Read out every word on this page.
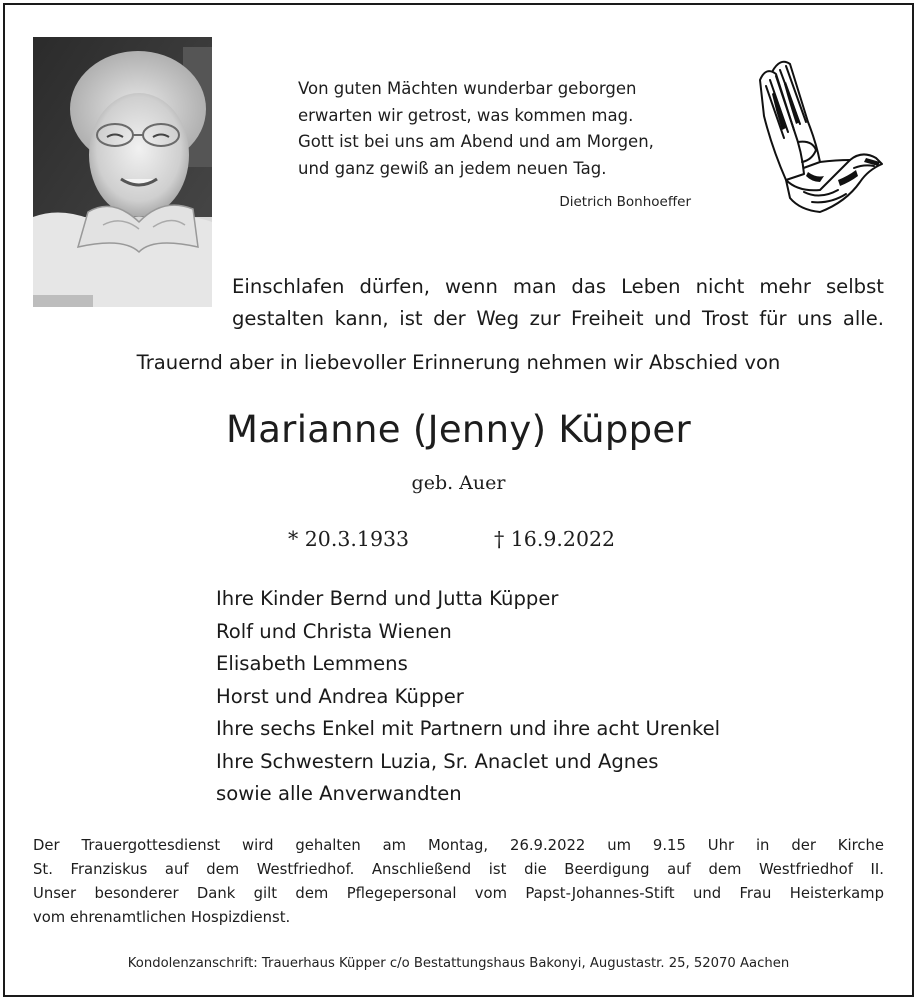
Von guten Mächten wunderbar geborgen
erwarten wir getrost, was kommen mag.
Gott ist bei uns am Abend und am Morgen,
und ganz gewiß an jedem neuen Tag.
Dietrich Bonhoeffer
Einschlafen dürfen, wenn man das Leben nicht mehr selbst
gestalten kann, ist der Weg zur Freiheit und Trost für uns alle.
Trauernd aber in liebevoller Erinnerung nehmen wir Abschied von
Marianne (Jenny) Küpper
geb. Auer
* 20.3.1933	† 16.9.2022
Ihre Kinder Bernd und Jutta Küpper
Rolf und Christa Wienen
Elisabeth Lemmens
Horst und Andrea Küpper
Ihre sechs Enkel mit Partnern und ihre acht Urenkel
Ihre Schwestern Luzia, Sr. Anaclet und Agnes
sowie alle Anverwandten
Der Trauergottesdienst wird gehalten am Montag, 26.9.2022 um 9.15 Uhr in der Kirche
St. Franziskus auf dem Westfriedhof. Anschließend ist die Beerdigung auf dem Westfriedhof II.
Unser besonderer Dank gilt dem Pflegepersonal vom Papst-Johannes-Stift und Frau Heisterkamp
vom ehrenamtlichen Hospizdienst.
Kondolenzanschrift: Trauerhaus Küpper c/o Bestattungshaus Bakonyi, Augustastr. 25, 52070 Aachen
